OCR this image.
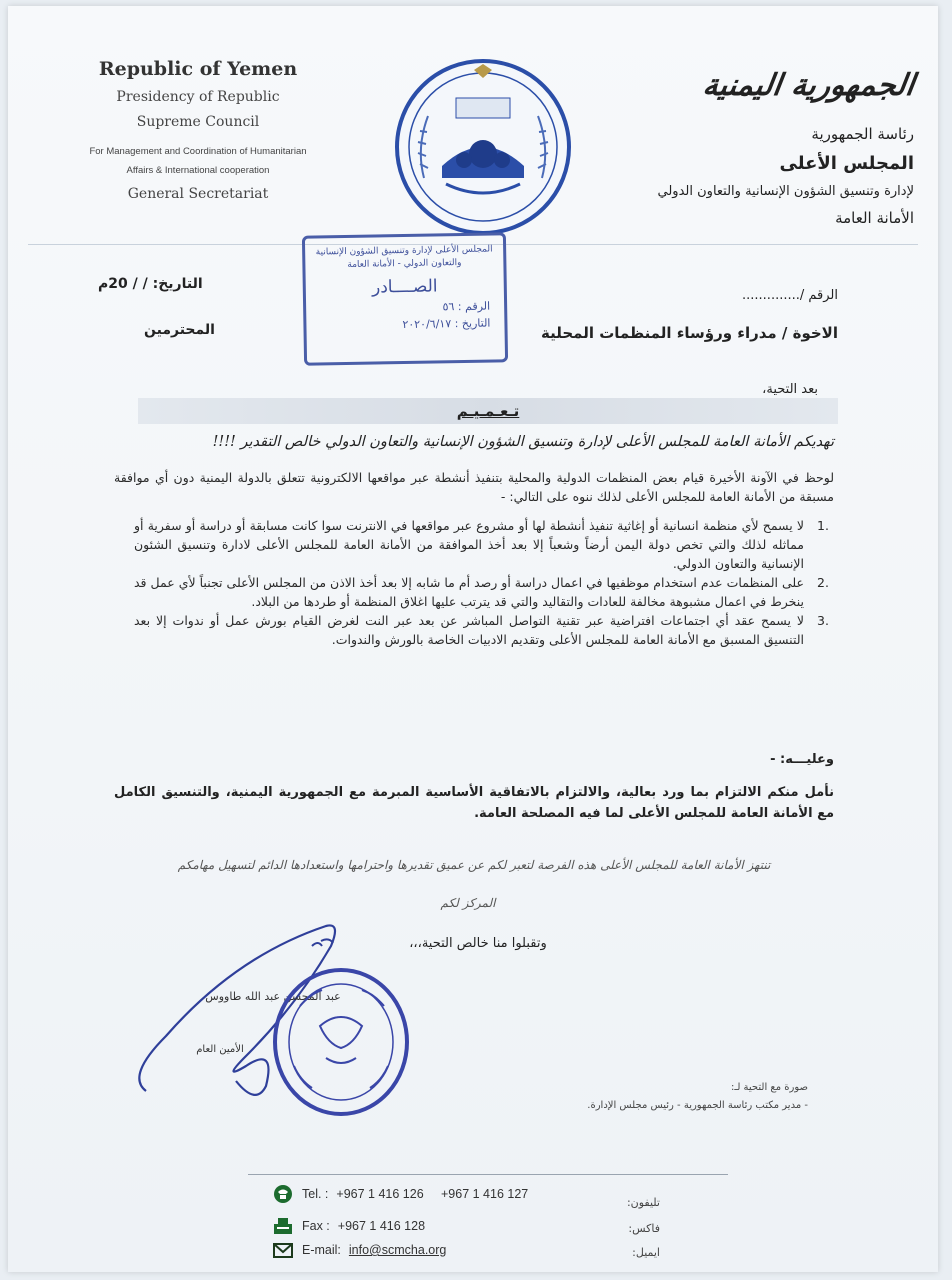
Republic of Yemen
Presidency of Republic
Supreme Council
For Management and Coordination of Humanitarian
Affairs & International cooperation
General Secretariat
الجمهورية اليمنية
رئاسة الجمهورية
المجلس الأعلى
لإدارة وتنسيق الشؤون الإنسانية والتعاون الدولي
الأمانة العامة
المجلس الأعلى لإدارة وتنسيق الشؤون الإنسانية والتعاون الدولي - الأمانة العامة
الصــــادر
الرقم : ٥٦
التاريخ : ٢٠٢٠/٦/١٧
التاريخ: / / 20م
الرقم /..............
الاخوة / مدراء ورؤساء المنظمات المحلية
المحترمين
بعد التحية،
تـعـمـيـم
تهديكم الأمانة العامة للمجلس الأعلى لإدارة وتنسيق الشؤون الإنسانية والتعاون الدولي خالص التقدير !!!!
لوحظ في الآونة الأخيرة قيام بعض المنظمات الدولية والمحلية بتنفيذ أنشطة عبر مواقعها الالكترونية تتعلق بالدولة اليمنية دون أي موافقة مسبقة من الأمانة العامة للمجلس الأعلى لذلك ننوه على التالي: -
1.
لا يسمح لأي منظمة انسانية أو إغاثية تنفيذ أنشطة لها أو مشروع عبر مواقعها في الانترنت سوا كانت مسابقة أو دراسة أو سفرية أو مماثله لذلك والتي تخص دولة اليمن أرضاً وشعباً إلا بعد أخذ الموافقة من الأمانة العامة للمجلس الأعلى لادارة وتنسيق الشئون الإنسانية والتعاون الدولي.
2.
على المنظمات عدم استخدام موظفيها في اعمال دراسة أو رصد أم ما شابه إلا بعد أخذ الاذن من المجلس الأعلى تجنباً لأي عمل قد ينخرط في اعمال مشبوهة مخالفة للعادات والتقاليد والتي قد يترتب عليها اغلاق المنظمة أو طردها من البلاد.
3.
لا يسمح عقد أي اجتماعات افتراضية عبر تقنية التواصل المباشر عن بعد عبر النت لغرض القيام بورش عمل أو ندوات إلا بعد التنسيق المسبق مع الأمانة العامة للمجلس الأعلى وتقديم الادبيات الخاصة بالورش والندوات.
وعليـــه: -
نأمل منكم الالتزام بما ورد بعالية، والالتزام بالاتفاقية الأساسية المبرمة مع الجمهورية اليمنية، والتنسيق الكامل مع الأمانة العامة للمجلس الأعلى لما فيه المصلحة العامة.
تنتهز الأمانة العامة للمجلس الأعلى هذه الفرصة لتعبر لكم عن عميق تقديرها واحترامها واستعدادها الدائم لتسهيل مهامكم
المركز لكم
وتقبلوا منا خالص التحية،،،
عبد المحسن عبد الله طاووس
الأمين العام
صورة مع التحية لـ:
- مدير مكتب رئاسة الجمهورية - رئيس مجلس الإدارة.
Tel. : +967 1 416 126     +967 1 416 127
Fax : +967 1 416 128
E-mail: info@scmcha.org
تليفون:
فاكس:
ايميل:
